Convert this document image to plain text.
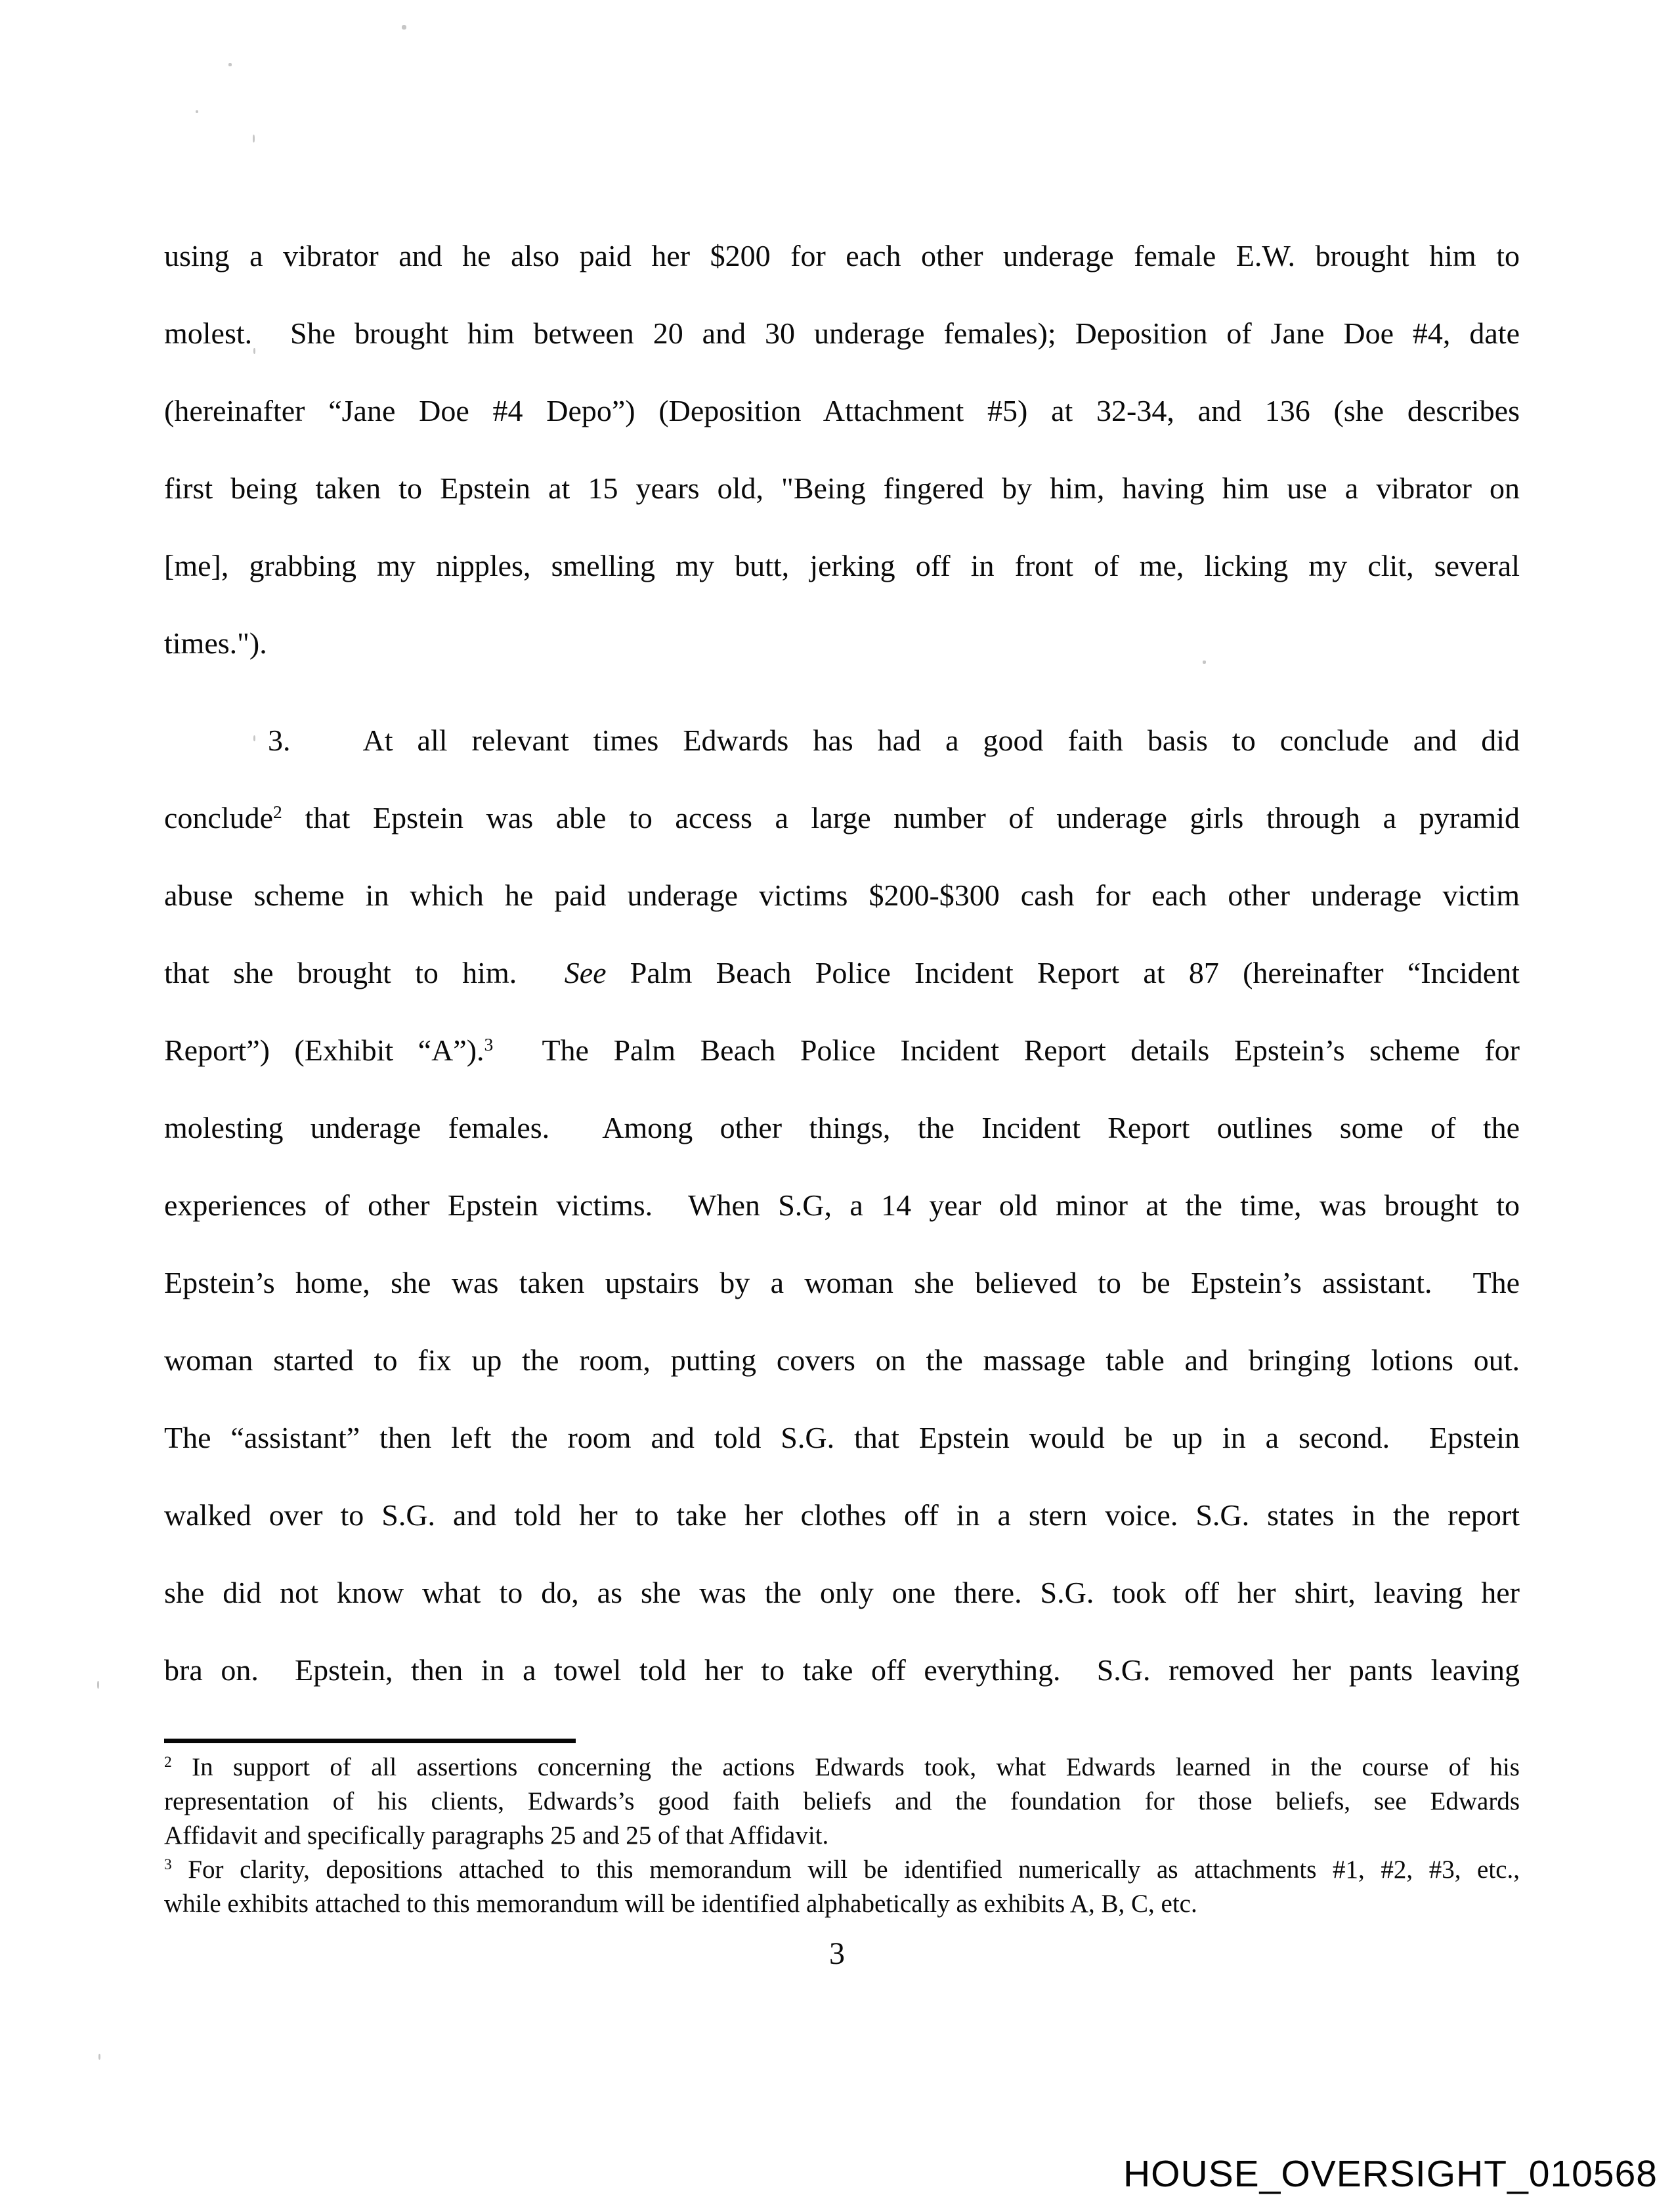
using a vibrator and he also paid her $200 for each other underage female E.W. brought him to
molest.  She brought him between 20 and 30 underage females); Deposition of Jane Doe #4, date
(hereinafter “Jane Doe #4 Depo”) (Deposition Attachment #5) at 32-34, and 136 (she describes
first being taken to Epstein at 15 years old, "Being fingered by him, having him use a vibrator on
[me], grabbing my nipples, smelling my butt, jerking off in front of me, licking my clit, several
times.").
3. At all relevant times Edwards has had a good faith basis to conclude and did
conclude$^2$ that Epstein was able to access a large number of underage girls through a pyramid
abuse scheme in which he paid underage victims $200-$300 cash for each other underage victim
that she brought to him.  See Palm Beach Police Incident Report at 87 (hereinafter “Incident
Report”) (Exhibit “A”).$^3$  The Palm Beach Police Incident Report details Epstein’s scheme for
molesting underage females.  Among other things, the Incident Report outlines some of the
experiences of other Epstein victims.  When S.G, a 14 year old minor at the time, was brought to
Epstein’s home, she was taken upstairs by a woman she believed to be Epstein’s assistant.  The
woman started to fix up the room, putting covers on the massage table and bringing lotions out.
The “assistant” then left the room and told S.G. that Epstein would be up in a second.  Epstein
walked over to S.G. and told her to take her clothes off in a stern voice. S.G. states in the report
she did not know what to do, as she was the only one there. S.G. took off her shirt, leaving her
bra on.  Epstein, then in a towel told her to take off everything.  S.G. removed her pants leaving
$^2$ In support of all assertions concerning the actions Edwards took, what Edwards learned in the course of his
representation of his clients, Edwards’s good faith beliefs and the foundation for those beliefs, see Edwards
Affidavit and specifically paragraphs 25 and 25 of that Affidavit.
$^3$ For clarity, depositions attached to this memorandum will be identified numerically as attachments #1, #2, #3, etc.,
while exhibits attached to this memorandum will be identified alphabetically as exhibits A, B, C, etc.
3
HOUSE_OVERSIGHT_010568
